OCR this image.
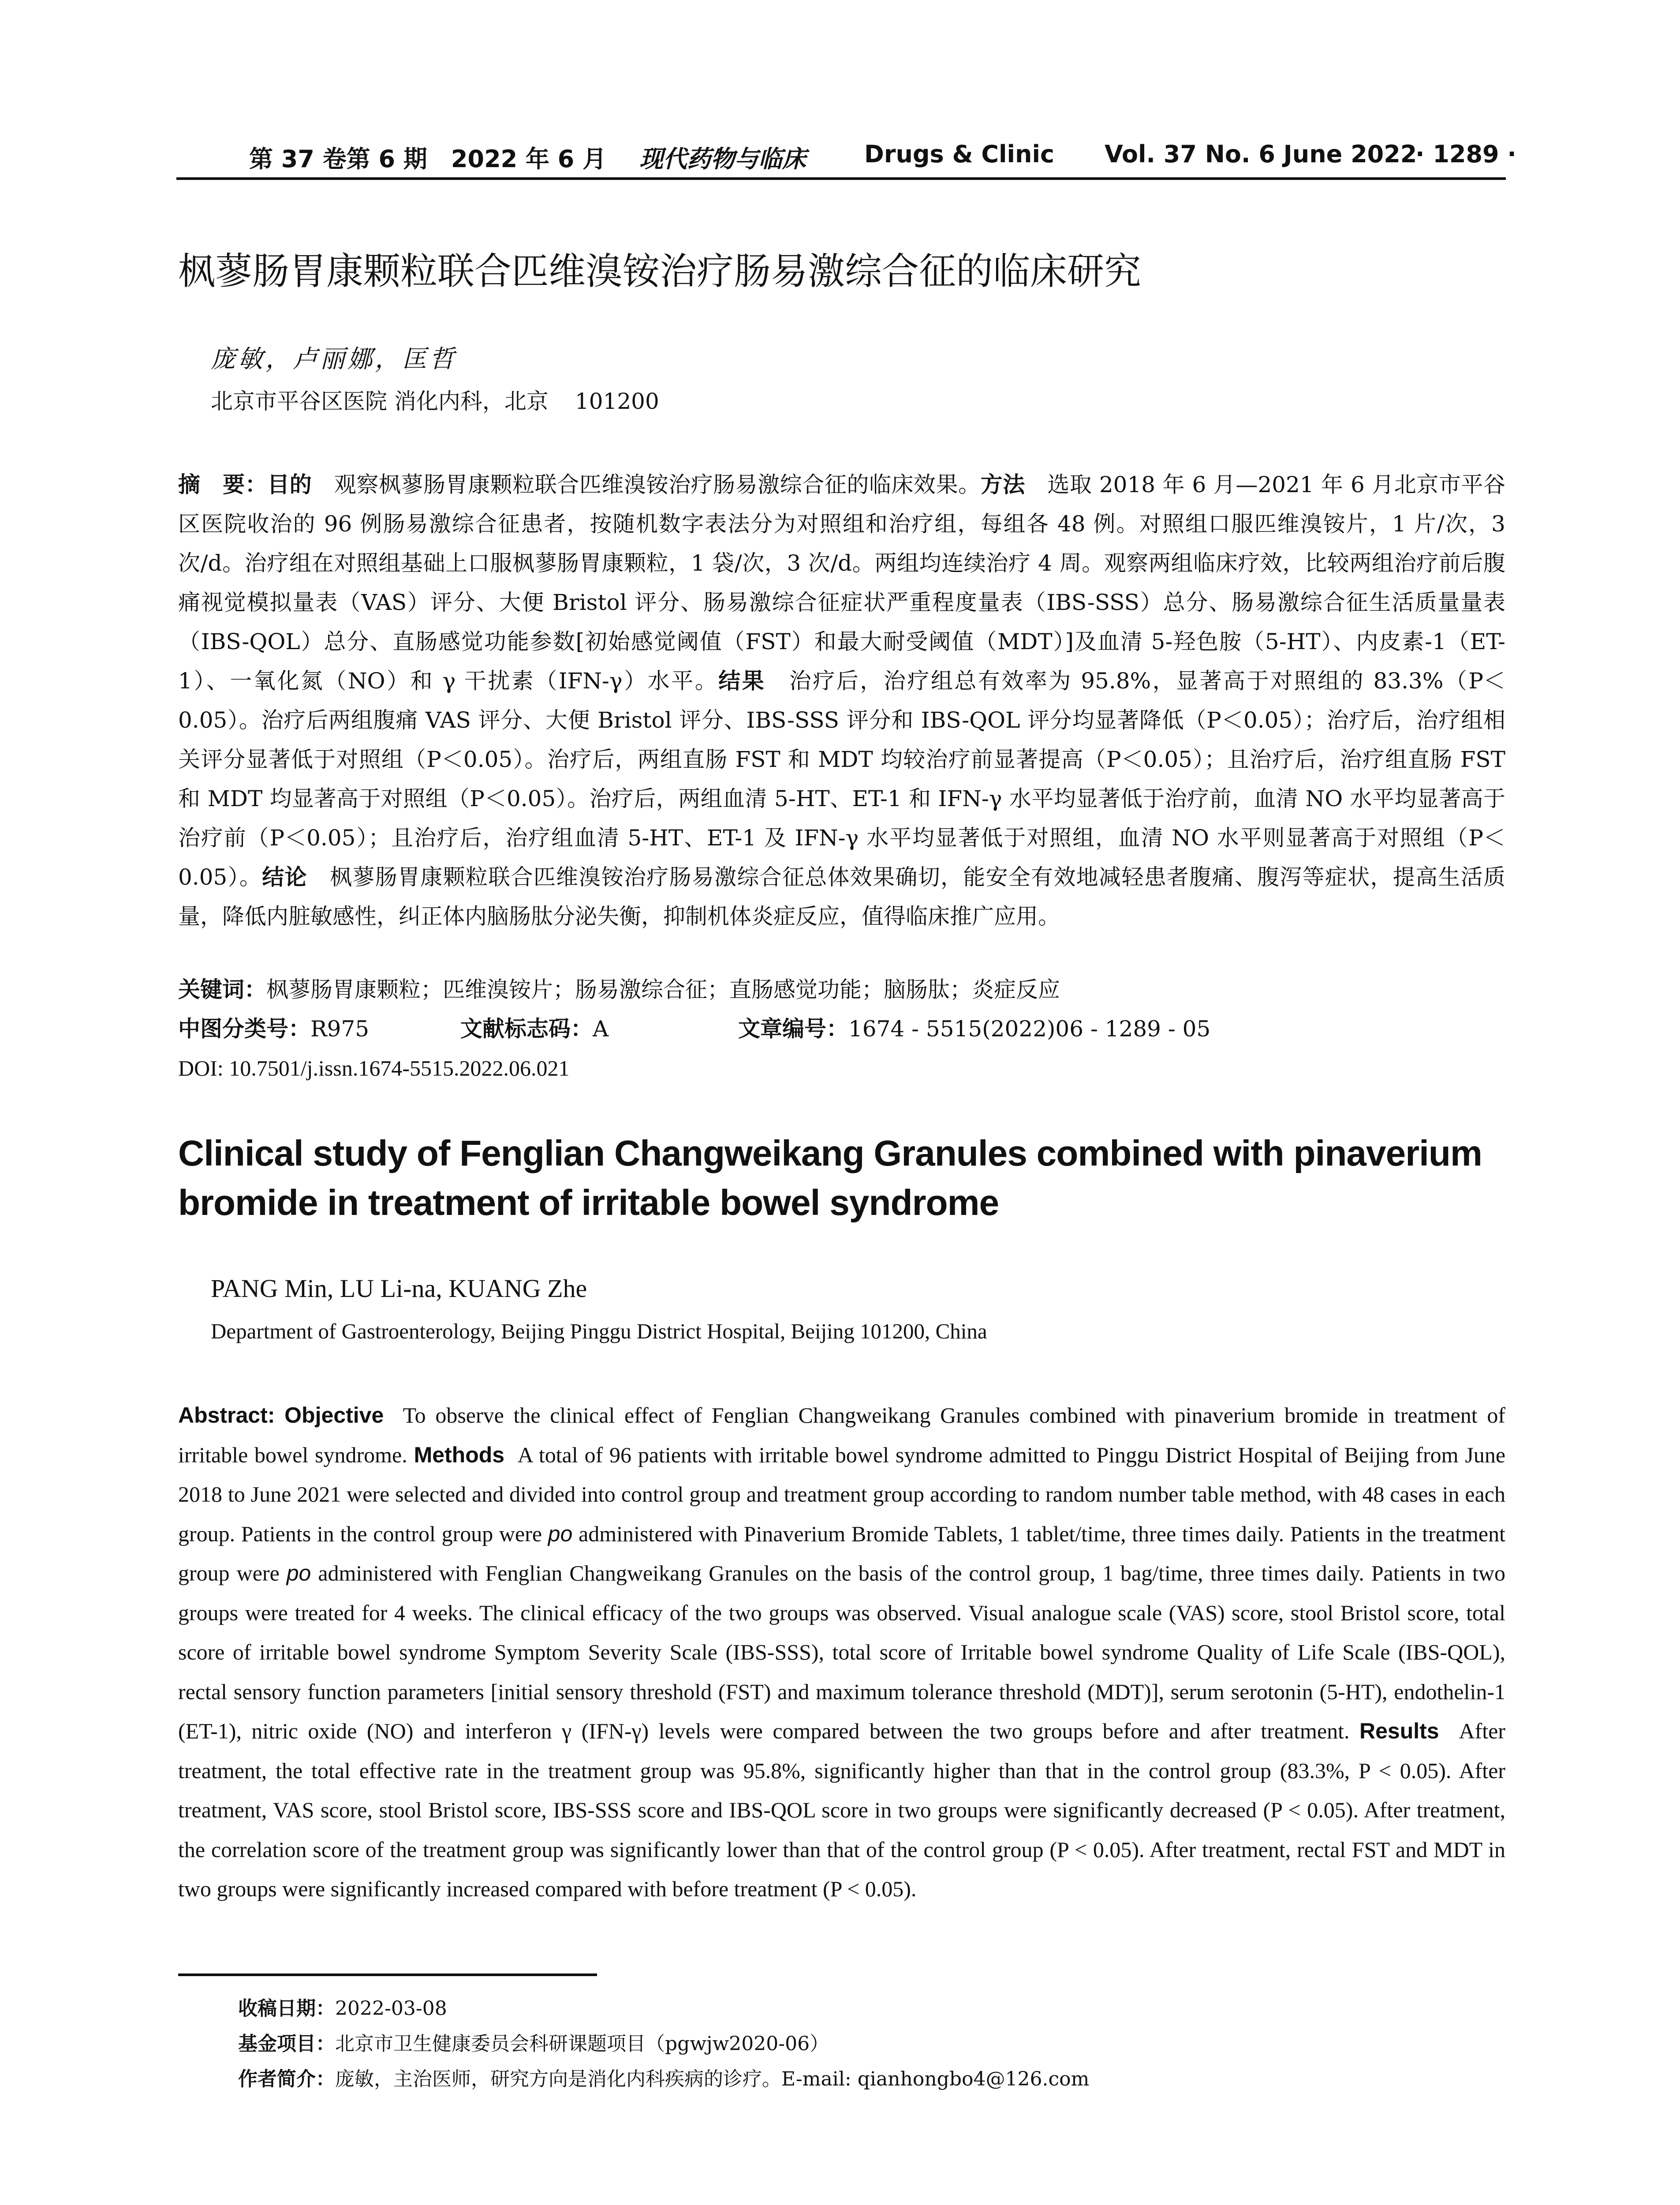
第 37 卷第 6 期　2022 年 6 月 现代药物与临床 Drugs & Clinic Vol. 37 No. 6 June 2022
· 1289 ·
枫蓼肠胃康颗粒联合匹维溴铵治疗肠易激综合征的临床研究
庞敏，卢丽娜，匡哲
北京市平谷区医院 消化内科，北京 101200

摘　要：目的 观察枫蓼肠胃康颗粒联合匹维溴铵治疗肠易激综合征的临床效果。方法 选取 2018 年 6 月—2021 年 6 月北京市平谷区医院收治的 96 例肠易激综合征患者，按随机数字表法分为对照组和治疗组，每组各 48 例。对照组口服匹维溴铵片，1 片/次，3 次/d。治疗组在对照组基础上口服枫蓼肠胃康颗粒，1 袋/次，3 次/d。两组均连续治疗 4 周。观察两组临床疗效，比较两组治疗前后腹痛视觉模拟量表（VAS）评分、大便 Bristol 评分、肠易激综合征症状严重程度量表（IBS-SSS）总分、肠易激综合征生活质量量表（IBS-QOL）总分、直肠感觉功能参数[初始感觉阈值（FST）和最大耐受阈值（MDT）]及血清 5-羟色胺（5-HT）、内皮素-1（ET-1）、一氧化氮（NO）和 γ 干扰素（IFN-γ）水平。结果 治疗后，治疗组总有效率为 95.8%，显著高于对照组的 83.3%（P＜0.05）。治疗后两组腹痛 VAS 评分、大便 Bristol 评分、IBS-SSS 评分和 IBS-QOL 评分均显著降低（P＜0.05）；治疗后，治疗组相关评分显著低于对照组（P＜0.05）。治疗后，两组直肠 FST 和 MDT 均较治疗前显著提高（P＜0.05）；且治疗后，治疗组直肠 FST 和 MDT 均显著高于对照组（P＜0.05）。治疗后，两组血清 5-HT、ET-1 和 IFN-γ 水平均显著低于治疗前，血清 NO 水平均显著高于治疗前（P＜0.05）；且治疗后，治疗组血清 5-HT、ET-1 及 IFN-γ 水平均显著低于对照组，血清 NO 水平则显著高于对照组（P＜0.05）。结论 枫蓼肠胃康颗粒联合匹维溴铵治疗肠易激综合征总体效果确切，能安全有效地减轻患者腹痛、腹泻等症状，提高生活质量，降低内脏敏感性，纠正体内脑肠肽分泌失衡，抑制机体炎症反应，值得临床推广应用。

关键词：枫蓼肠胃康颗粒；匹维溴铵片；肠易激综合征；直肠感觉功能；脑肠肽；炎症反应
中图分类号：R975	文献标志码：A	文章编号：1674 - 5515(2022)06 - 1289 - 05
DOI: 10.7501/j.issn.1674-5515.2022.06.021
Clinical study of Fenglian Changweikang Granules combined with pinaverium bromide in treatment of irritable bowel syndrome
PANG Min, LU Li-na, KUANG Zhe
Department of Gastroenterology, Beijing Pinggu District Hospital, Beijing 101200, China

Abstract: Objective To observe the clinical effect of Fenglian Changweikang Granules combined with pinaverium bromide in treatment of irritable bowel syndrome. Methods A total of 96 patients with irritable bowel syndrome admitted to Pinggu District Hospital of Beijing from June 2018 to June 2021 were selected and divided into control group and treatment group according to random number table method, with 48 cases in each group. Patients in the control group were po administered with Pinaverium Bromide Tablets, 1 tablet/time, three times daily. Patients in the treatment group were po administered with Fenglian Changweikang Granules on the basis of the control group, 1 bag/time, three times daily. Patients in two groups were treated for 4 weeks. The clinical efficacy of the two groups was observed. Visual analogue scale (VAS) score, stool Bristol score, total score of irritable bowel syndrome Symptom Severity Scale (IBS-SSS), total score of Irritable bowel syndrome Quality of Life Scale (IBS-QOL), rectal sensory function parameters [initial sensory threshold (FST) and maximum tolerance threshold (MDT)], serum serotonin (5-HT), endothelin-1 (ET-1), nitric oxide (NO) and interferon γ (IFN-γ) levels were compared between the two groups before and after treatment. Results After treatment, the total effective rate in the treatment group was 95.8%, significantly higher than that in the control group (83.3%, P < 0.05). After treatment, VAS score, stool Bristol score, IBS-SSS score and IBS-QOL score in two groups were significantly decreased (P < 0.05). After treatment, the correlation score of the treatment group was significantly lower than that of the control group (P < 0.05). After treatment, rectal FST and MDT in two groups were significantly increased compared with before treatment (P < 0.05).

收稿日期：2022-03-08
基金项目：北京市卫生健康委员会科研课题项目（pgwjw2020-06）
作者简介：庞敏，主治医师，研究方向是消化内科疾病的诊疗。E-mail: qianhongbo4@126.com
